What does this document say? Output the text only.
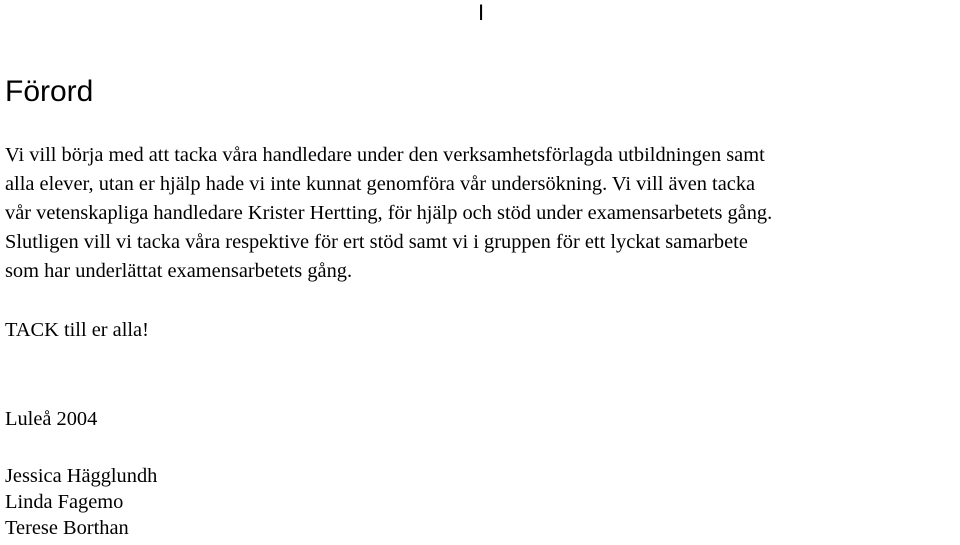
I
Förord

Vi vill börja med att tacka våra handledare under den verksamhetsförlagda utbildningen samt
alla elever, utan er hjälp hade vi inte kunnat genomföra vår undersökning. Vi vill även tacka
vår vetenskapliga handledare Krister Hertting, för hjälp och stöd under examensarbetets gång.
Slutligen vill vi tacka våra respektive för ert stöd samt vi i gruppen för ett lyckat samarbete
som har underlättat examensarbetets gång.

TACK till er alla!

Luleå 2004

Jessica Hägglundh
Linda Fagemo
Terese Borthan
